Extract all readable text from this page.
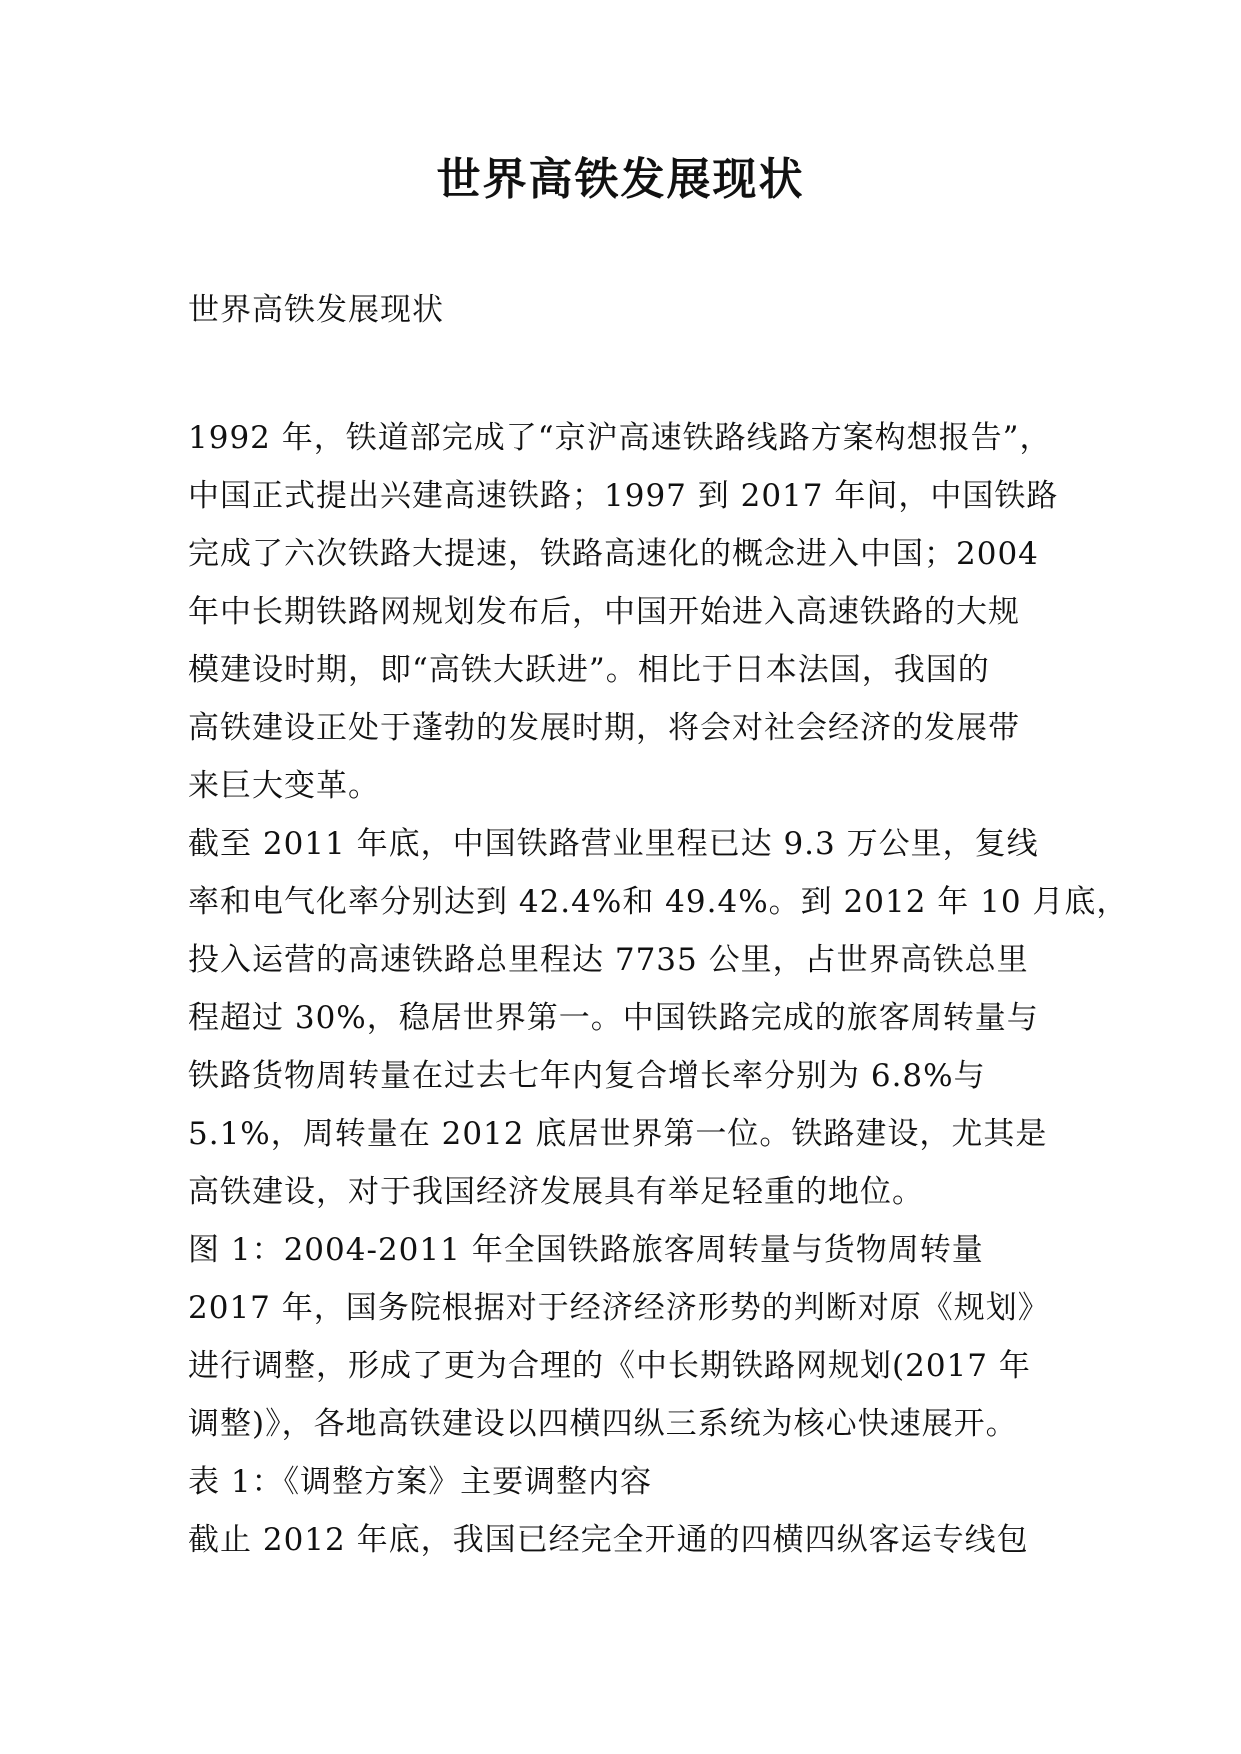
世界高铁发展现状
世界高铁发展现状
1992 年，铁道部完成了“京沪高速铁路线路方案构想报告”，
中国正式提出兴建高速铁路；1997 到 2017 年间，中国铁路
完成了六次铁路大提速，铁路高速化的概念进入中国；2004
年中长期铁路网规划发布后，中国开始进入高速铁路的大规
模建设时期，即“高铁大跃进”。相比于日本法国，我国的
高铁建设正处于蓬勃的发展时期，将会对社会经济的发展带
来巨大变革。
截至 2011 年底，中国铁路营业里程已达 9.3 万公里，复线
率和电气化率分别达到 42.4%和 49.4%。到 2012 年 10 月底，
投入运营的高速铁路总里程达 7735 公里，占世界高铁总里
程超过 30%，稳居世界第一。中国铁路完成的旅客周转量与
铁路货物周转量在过去七年内复合增长率分别为 6.8%与
5.1%，周转量在 2012 底居世界第一位。铁路建设，尤其是
高铁建设，对于我国经济发展具有举足轻重的地位。
图 1：2004-2011 年全国铁路旅客周转量与货物周转量
2017 年，国务院根据对于经济经济形势的判断对原《规划》
进行调整，形成了更为合理的《中长期铁路网规划(2017 年
调整)》，各地高铁建设以四横四纵三系统为核心快速展开。
表 1：《调整方案》主要调整内容
截止 2012 年底，我国已经完全开通的四横四纵客运专线包
